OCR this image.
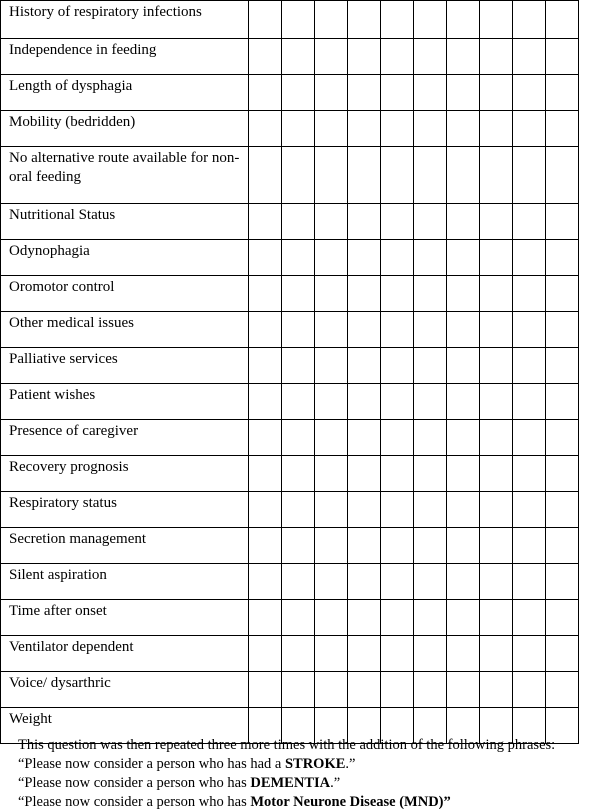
History of respiratory infections										
Independence in feeding										
Length of dysphagia										
Mobility (bedridden)										
No alternative route available for non-oral feeding										
Nutritional Status										
Odynophagia										
Oromotor control										
Other medical issues										
Palliative services										
Patient wishes										
Presence of caregiver										
Recovery prognosis										
Respiratory status										
Secretion management										
Silent aspiration										
Time after onset										
Ventilator dependent										
Voice/ dysarthric										
Weight										
This question was then repeated three more times with the addition of the following phrases:
“Please now consider a person who has had a STROKE.”
“Please now consider a person who has DEMENTIA.”
“Please now consider a person who has Motor Neurone Disease (MND)”
